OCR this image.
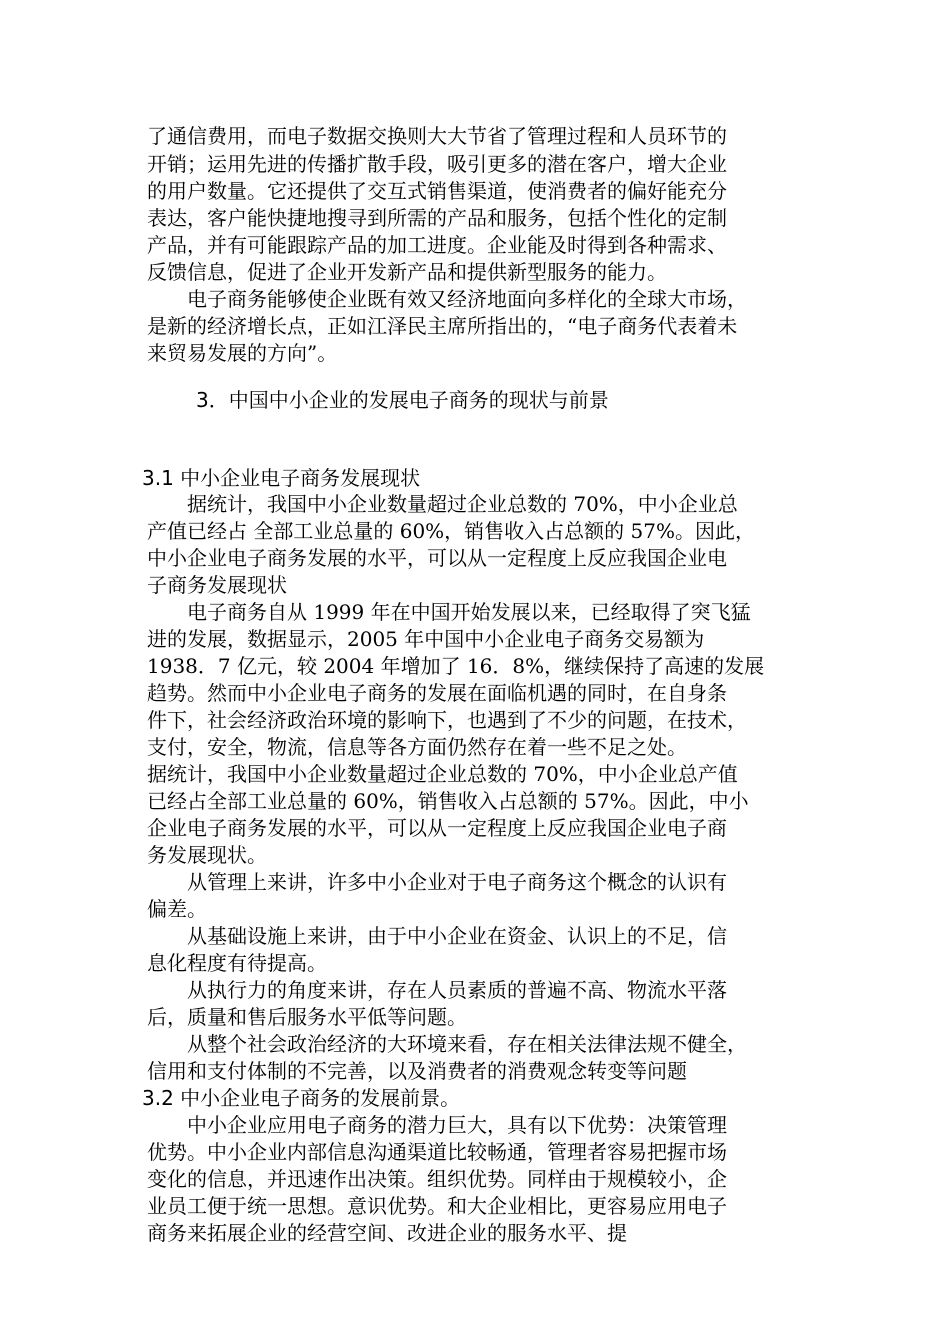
了通信费用，而电子数据交换则大大节省了管理过程和人员环节的
开销；运用先进的传播扩散手段，吸引更多的潜在客户，增大企业
的用户数量。它还提供了交互式销售渠道，使消费者的偏好能充分
表达，客户能快捷地搜寻到所需的产品和服务，包括个性化的定制
产品，并有可能跟踪产品的加工进度。企业能及时得到各种需求、
反馈信息，促进了企业开发新产品和提供新型服务的能力。
　　电子商务能够使企业既有效又经济地面向多样化的全球大市场，
是新的经济增长点，正如江泽民主席所指出的，“电子商务代表着未
来贸易发展的方向”。
3．中国中小企业的发展电子商务的现状与前景
3.1 中小企业电子商务发展现状
　　据统计，我国中小企业数量超过企业总数的 70%，中小企业总
产值已经占 全部工业总量的 60%，销售收入占总额的 57%。因此，
中小企业电子商务发展的水平，可以从一定程度上反应我国企业电
子商务发展现状
　　电子商务自从 1999 年在中国开始发展以来，已经取得了突飞猛
进的发展，数据显示，2005 年中国中小企业电子商务交易额为
1938．7 亿元，较 2004 年增加了 16．8%，继续保持了高速的发展
趋势。然而中小企业电子商务的发展在面临机遇的同时，在自身条
件下，社会经济政治环境的影响下，也遇到了不少的问题，在技术，
支付，安全，物流，信息等各方面仍然存在着一些不足之处。
据统计，我国中小企业数量超过企业总数的 70%，中小企业总产值
已经占全部工业总量的 60%，销售收入占总额的 57%。因此，中小
企业电子商务发展的水平，可以从一定程度上反应我国企业电子商
务发展现状。
　　从管理上来讲，许多中小企业对于电子商务这个概念的认识有
偏差。
　　从基础设施上来讲，由于中小企业在资金、认识上的不足，信
息化程度有待提高。
　　从执行力的角度来讲，存在人员素质的普遍不高、物流水平落
后，质量和售后服务水平低等问题。
　　从整个社会政治经济的大环境来看，存在相关法律法规不健全，
信用和支付体制的不完善，以及消费者的消费观念转变等问题
3.2 中小企业电子商务的发展前景。
　　中小企业应用电子商务的潜力巨大，具有以下优势：决策管理
优势。中小企业内部信息沟通渠道比较畅通，管理者容易把握市场
变化的信息，并迅速作出决策。组织优势。同样由于规模较小，企
业员工便于统一思想。意识优势。和大企业相比，更容易应用电子
商务来拓展企业的经营空间、改进企业的服务水平、提
